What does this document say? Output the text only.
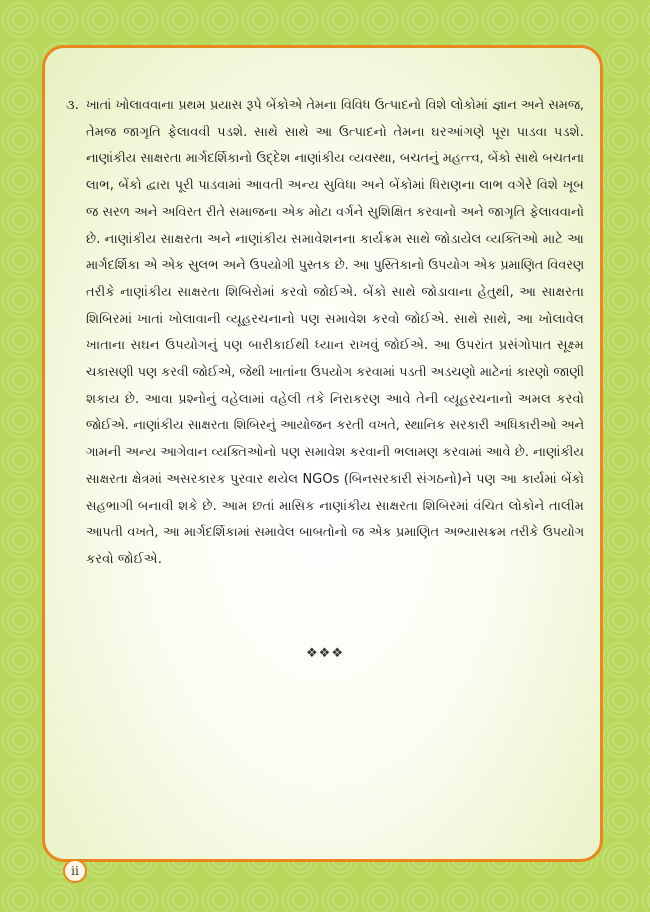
૩. ખાતાં ખોલાવવાના પ્રથમ પ્રયાસ રૂપે બેંકોએ તેમના વિવિધ ઉત્પાદનો વિશે લોકોમાં જ્ઞાન અને સમજ,
તેમજ જાગૃતિ ફેલાવવી પડશે. સાથે સાથે આ ઉત્પાદનો તેમના ઘરઆંગણે પૂરા પાડવા પડશે.
નાણાંકીય સાક્ષરતા માર્ગદર્શિકાનો ઉદ્દેશ નાણાંકીય વ્યવસ્થા, બચતનું મહત્ત્વ, બેંકો સાથે બચતના
લાભ, બેંકો દ્વારા પૂરી પાડવામાં આવતી અન્ય સુવિધા અને બેંકોમાં ધિરાણના લાભ વગેરે વિશે ખૂબ
જ સરળ અને અવિરત રીતે સમાજના એક મોટા વર્ગને સુશિક્ષિત કરવાનો અને જાગૃતિ ફેલાવવાનો
છે. નાણાંકીય સાક્ષરતા અને નાણાંકીય સમાવેશનના કાર્યક્રમ સાથે જોડાયેલ વ્યક્તિઓ માટે આ
માર્ગદર્શિકા એ એક સુલભ અને ઉપયોગી પુસ્તક છે. આ પુસ્તિકાનો ઉપયોગ એક પ્રમાણિત વિવરણ
તરીકે નાણાંકીય સાક્ષરતા શિબિરોમાં કરવો જોઈએ. બેંકો સાથે જોડાવાના હેતુથી, આ સાક્ષરતા
શિબિરમાં ખાતાં ખોલાવાની વ્યૂહરચનાનો પણ સમાવેશ કરવો જોઈએ. સાથે સાથે, આ ખોલાવેલ
ખાતાના સઘન ઉપયોગનું પણ બારીકાઈથી ધ્યાન રાખવું જોઈએ. આ ઉપરાંત પ્રસંગોપાત સૂક્ષ્મ
ચકાસણી પણ કરવી જોઈએ, જેથી ખાતાંના ઉપયોગ કરવામાં પડતી અડચણો માટેનાં કારણો જાણી
શકાય છે. આવા પ્રશ્નોનું વહેલામાં વહેલી તકે નિરાકરણ આવે તેની વ્યૂહરચનાનો અમલ કરવો
જોઈએ. નાણાંકીય સાક્ષરતા શિબિરનું આયોજન કરતી વખતે, સ્થાનિક સરકારી અધિકારીઓ અને
ગામની અન્ય આગેવાન વ્યક્તિઓનો પણ સમાવેશ કરવાની ભલામણ કરવામાં આવે છે. નાણાંકીય
સાક્ષરતા ક્ષેત્રમાં અસરકારક પુરવાર થયેલ NGOs (બિનસરકારી સંગઠનો)ને પણ આ કાર્યમાં બેંકો
સહભાગી બનાવી શકે છે. આમ છતાં માસિક નાણાંકીય સાક્ષરતા શિબિરમાં વંચિત લોકોને તાલીમ
આપતી વખતે, આ માર્ગદર્શિકામાં સમાવેલ બાબતોનો જ એક પ્રમાણિત અભ્યાસક્રમ તરીકે ઉપયોગ
કરવો જોઈએ.
❖❖❖
ii
